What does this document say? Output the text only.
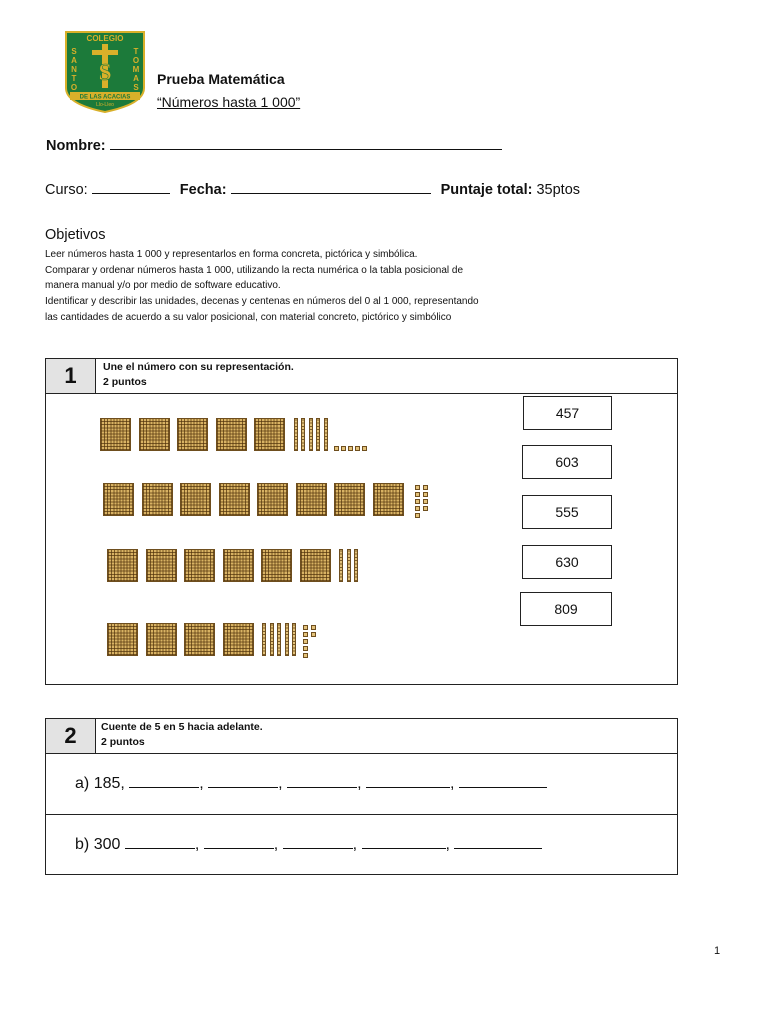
COLEGIO
S
S
A
N
T
O
T
O
M
A
S
DE LAS ACACIAS
Llo-Lleo
Prueba Matemática
“Números hasta 1 000”
Nombre:
Curso:	Fecha:	Puntaje total: 35ptos
Objetivos
Leer números hasta 1 000 y representarlos en forma concreta, pictórica y simbólica.
Comparar y ordenar números hasta 1 000, utilizando la recta numérica o la tabla posicional de
manera manual y/o por medio de software educativo.
Identificar y describir las unidades, decenas y centenas en números del 0 al 1 000, representando
las cantidades de acuerdo a su valor posicional, con material concreto, pictórico y simbólico
1	Une el número con su representación.
2 puntos
457
603
555
630
809
2	Cuente de 5 en 5 hacia adelante.
2 puntos
a) 185,	,	,	,	,
b) 300	,	,	,	,
1
